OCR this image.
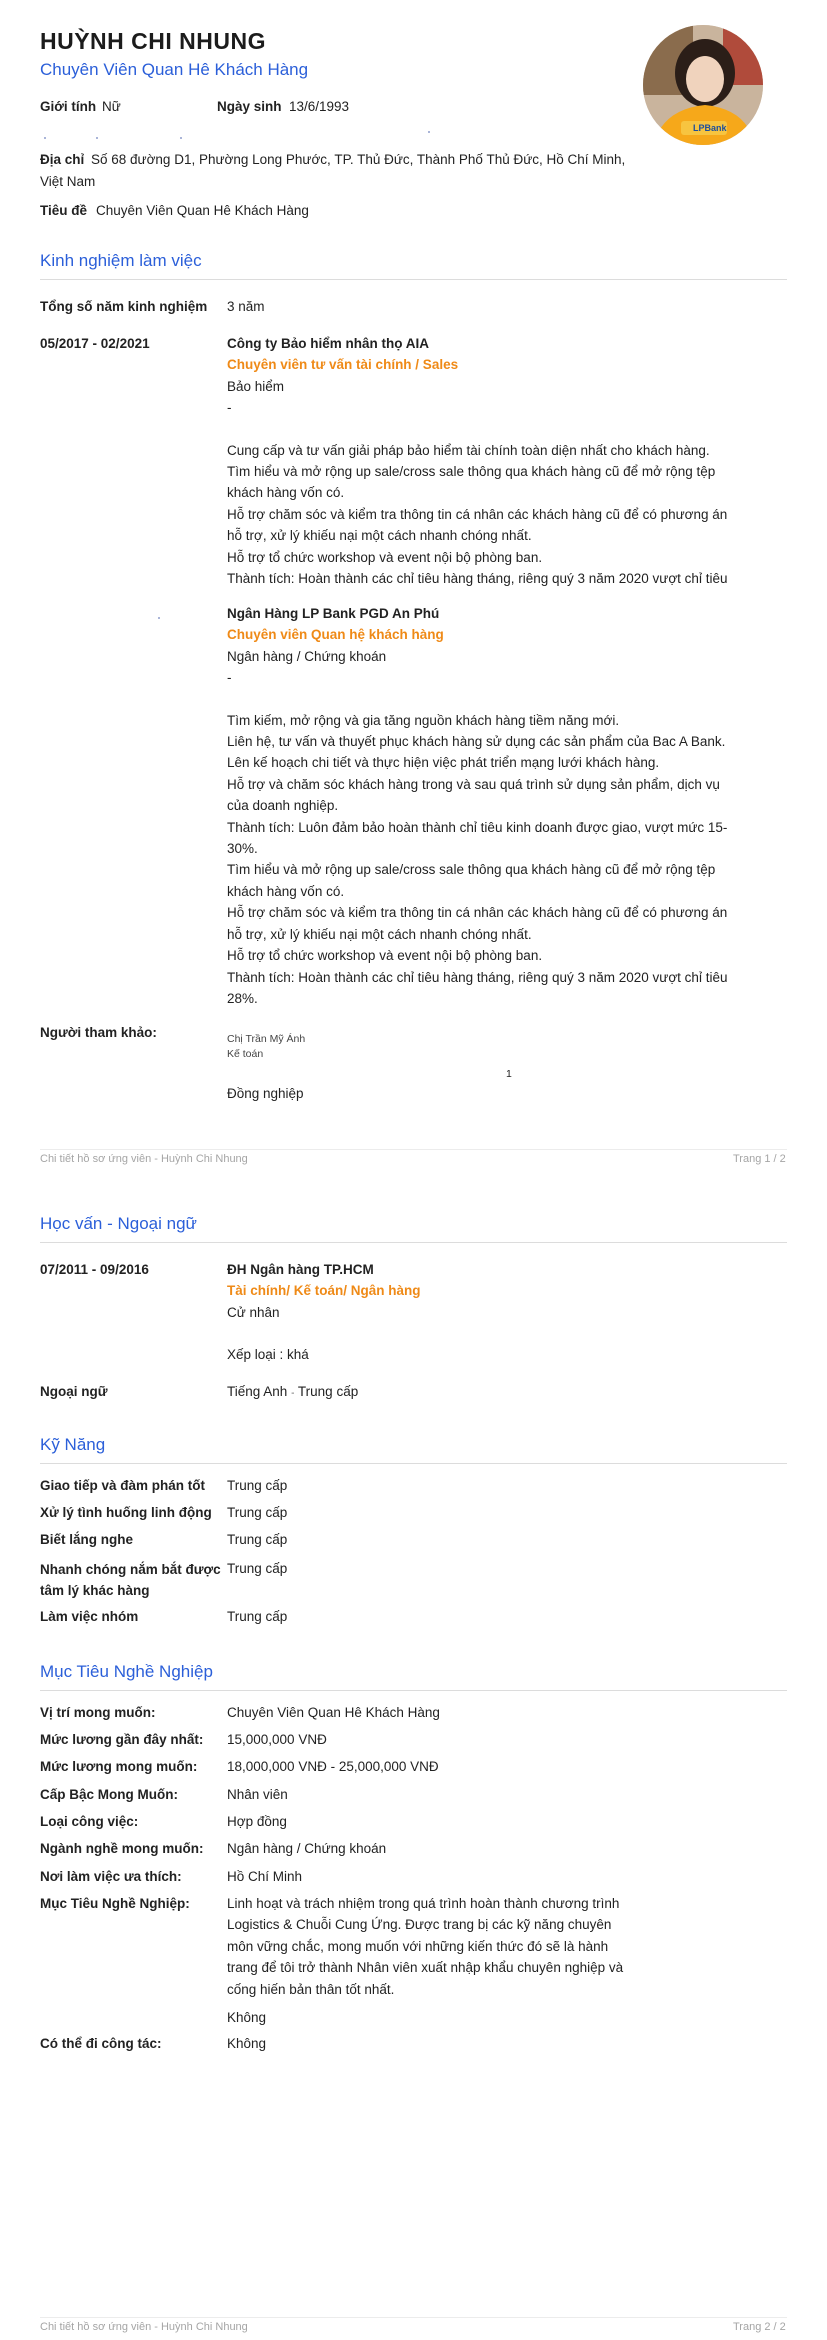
HUỲNH CHI NHUNG
Chuyên Viên Quan Hê Khách Hàng
LPBank
Giới tính Nữ	Ngày sinh 13/6/1993
Địa chỉ Số 68 đường D1, Phường Long Phước, TP. Thủ Đức, Thành Phố Thủ Đức, Hồ Chí Minh,
Việt Nam
Tiêu đề Chuyên Viên Quan Hê Khách Hàng
Kinh nghiệm làm việc
Tổng số năm kinh nghiệm 3 năm
05/2017 - 02/2021	Công ty Bảo hiểm nhân thọ AIA
Chuyên viên tư vấn tài chính / Sales
Bảo hiểm
-
Cung cấp và tư vấn giải pháp bảo hiểm tài chính toàn diện nhất cho khách hàng.
Tìm hiểu và mở rộng up sale/cross sale thông qua khách hàng cũ để mở rộng tệp
khách hàng vốn có.
Hỗ trợ chăm sóc và kiểm tra thông tin cá nhân các khách hàng cũ để có phương án
hỗ trợ, xử lý khiếu nại một cách nhanh chóng nhất.
Hỗ trợ tổ chức workshop và event nội bộ phòng ban.
Thành tích: Hoàn thành các chỉ tiêu hàng tháng, riêng quý 3 năm 2020 vượt chỉ tiêu
Ngân Hàng LP Bank PGD An Phú
Chuyên viên Quan hệ khách hàng
Ngân hàng / Chứng khoán
-
Tìm kiếm, mở rộng và gia tăng nguồn khách hàng tiềm năng mới.
Liên hệ, tư vấn và thuyết phục khách hàng sử dụng các sản phẩm của Bac A Bank.
Lên kế hoạch chi tiết và thực hiện việc phát triển mạng lưới khách hàng.
Hỗ trợ và chăm sóc khách hàng trong và sau quá trình sử dụng sản phẩm, dịch vụ
của doanh nghiệp.
Thành tích: Luôn đảm bảo hoàn thành chỉ tiêu kinh doanh được giao, vượt mức 15-
30%.
Tìm hiểu và mở rộng up sale/cross sale thông qua khách hàng cũ để mở rộng tệp
khách hàng vốn có.
Hỗ trợ chăm sóc và kiểm tra thông tin cá nhân các khách hàng cũ để có phương án
hỗ trợ, xử lý khiếu nại một cách nhanh chóng nhất.
Hỗ trợ tổ chức workshop và event nội bộ phòng ban.
Thành tích: Hoàn thành các chỉ tiêu hàng tháng, riêng quý 3 năm 2020 vượt chỉ tiêu
28%.
Người tham khảo:	Chị Trần Mỹ Ánh
Kế toán
1
Đồng nghiệp
Chi tiết hồ sơ ứng viên - Huỳnh Chi Nhung	Trang 1 / 2
Học vấn - Ngoại ngữ
07/2011 - 09/2016	ĐH Ngân hàng TP.HCM
Tài chính/ Kế toán/ Ngân hàng
Cử nhân
Xếp loại : khá
Ngoại ngữ	Tiếng Anh - Trung cấp
Kỹ Năng
Giao tiếp và đàm phán tốt Trung cấp
Xử lý tình huống linh động Trung cấp
Biết lắng nghe	Trung cấp
Nhanh chóng nắm bắt được
tâm lý khác hàng
Trung cấp
Làm việc nhóm	Trung cấp
Mục Tiêu Nghề Nghiệp
Vị trí mong muốn:	Chuyên Viên Quan Hê Khách Hàng
Mức lương gần đây nhất: 15,000,000 VNĐ
Mức lương mong muốn: 18,000,000 VNĐ - 25,000,000 VNĐ
Cấp Bậc Mong Muốn:	Nhân viên
Loại công việc:	Hợp đồng
Ngành nghề mong muốn: Ngân hàng / Chứng khoán
Nơi làm việc ưa thích:	Hồ Chí Minh
Mục Tiêu Nghề Nghiệp:	Linh hoạt và trách nhiệm trong quá trình hoàn thành chương trình
Logistics & Chuỗi Cung Ứng. Được trang bị các kỹ năng chuyên
môn vững chắc, mong muốn với những kiến thức đó sẽ là hành
trang để tôi trở thành Nhân viên xuất nhập khẩu chuyên nghiệp và
cống hiến bản thân tốt nhất.
Không
Có thể đi công tác:	Không
Chi tiết hồ sơ ứng viên - Huỳnh Chi Nhung	Trang 2 / 2
